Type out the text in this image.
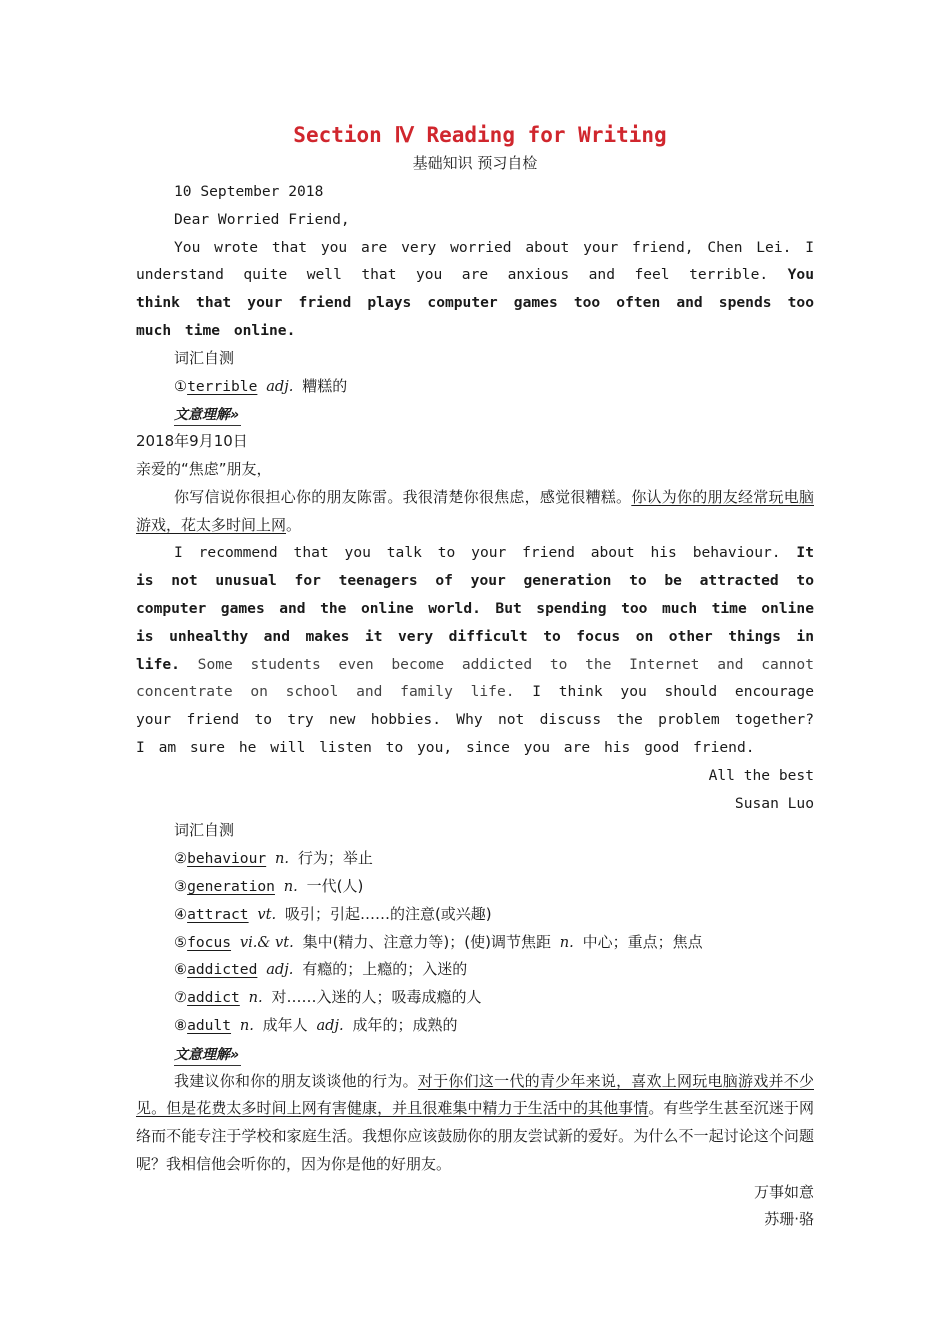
Section Ⅳ Reading for Writing
基础知识 预习自检
10 September 2018
Dear Worried Friend,
You wrote that you are very worried about your friend, Chen Lei. I understand quite well that you are anxious and feel terrible. You think that your friend plays computer games too often and spends too much time online.
词汇自测
①terrible adj. 糟糕的
文意理解»
2018年9月10日
亲爱的“焦虑”朋友，
你写信说你很担心你的朋友陈雷。我很清楚你很焦虑，感觉很糟糕。你认为你的朋友经常玩电脑游戏，花太多时间上网。
I recommend that you talk to your friend about his behaviour. It is not unusual for teenagers of your generation to be attracted to computer games and the online world. But spending too much time online is unhealthy and makes it very difficult to focus on other things in life. Some students even become addicted to the Internet and cannot concentrate on school and family life. I think you should encourage your friend to try new hobbies. Why not discuss the problem together? I am sure he will listen to you, since you are his good friend.
All the best
Susan Luo
词汇自测
②behaviour n. 行为；举止
③generation n. 一代(人)
④attract vt. 吸引；引起……的注意(或兴趣)
⑤focus vi.& vt. 集中(精力、注意力等)；(使)调节焦距 n. 中心；重点；焦点
⑥addicted adj. 有瘾的；上瘾的；入迷的
⑦addict n. 对……入迷的人；吸毒成瘾的人
⑧adult n. 成年人 adj. 成年的；成熟的
文意理解»
我建议你和你的朋友谈谈他的行为。对于你们这一代的青少年来说，喜欢上网玩电脑游戏并不少见。但是花费太多时间上网有害健康，并且很难集中精力于生活中的其他事情。有些学生甚至沉迷于网络而不能专注于学校和家庭生活。我想你应该鼓励你的朋友尝试新的爱好。为什么不一起讨论这个问题呢？我相信他会听你的，因为你是他的好朋友。
万事如意
苏珊·骆
